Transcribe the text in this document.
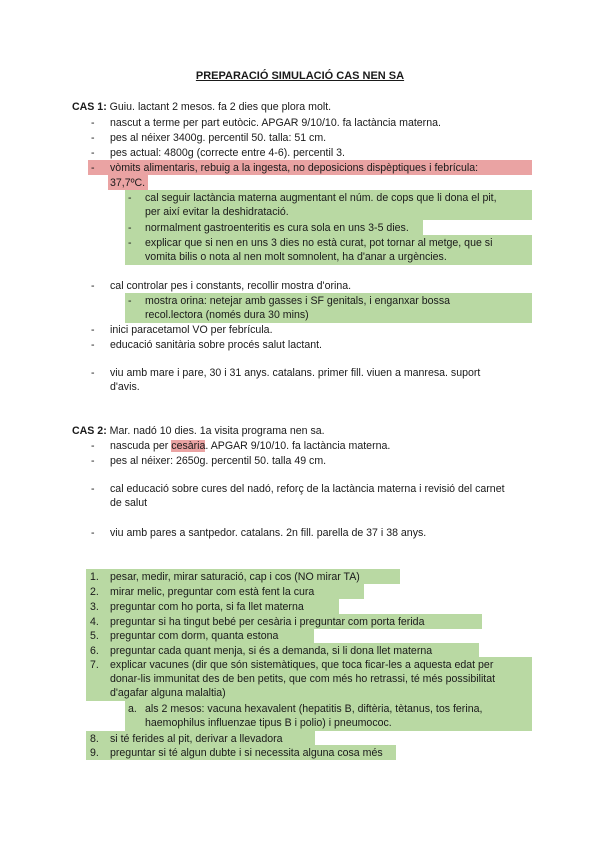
PREPARACIÓ SIMULACIÓ CAS NEN SA
CAS 1: Guiu. lactant 2 mesos. fa 2 dies que plora molt.
- nascut a terme per part eutòcic. APGAR 9/10/10. fa lactància materna.
- pes al néixer 3400g. percentil 50. talla: 51 cm.
- pes actual: 4800g (correcte entre 4-6). percentil 3.
- vòmits alimentaris, rebuig a la ingesta, no deposicions dispèptiques i febrícula:
37,7ºC.
- cal seguir lactància materna augmentant el núm. de cops que li dona el pit,
per així evitar la deshidratació.
- normalment gastroenteritis es cura sola en uns 3-5 dies.
- explicar que si nen en uns 3 dies no està curat, pot tornar al metge, que si
vomita bilis o nota al nen molt somnolent, ha d'anar a urgències.
- cal controlar pes i constants, recollir mostra d'orina.
- mostra orina: netejar amb gasses i SF genitals, i enganxar bossa
recol.lectora (només dura 30 mins)
- inici paracetamol VO per febrícula.
- educació sanitària sobre procés salut lactant.
- viu amb mare i pare, 30 i 31 anys. catalans. primer fill. viuen a manresa. suport
d'avis.
CAS 2: Mar. nadó 10 dies. 1a visita programa nen sa.
- nascuda per cesària. APGAR 9/10/10. fa lactància materna.
- pes al néixer: 2650g. percentil 50. talla 49 cm.
- cal educació sobre cures del nadó, reforç de la lactància materna i revisió del carnet
de salut
- viu amb pares a santpedor. catalans. 2n fill. parella de 37 i 38 anys.
1. pesar, medir, mirar saturació, cap i cos (NO mirar TA)
2. mirar melic, preguntar com està fent la cura
3. preguntar com ho porta, si fa llet materna
4. preguntar si ha tingut bebé per cesària i preguntar com porta ferida
5. preguntar com dorm, quanta estona
6. preguntar cada quant menja, si és a demanda, si li dona llet materna
7. explicar vacunes (dir que són sistemàtiques, que toca ficar-les a aquesta edat per
donar-lis immunitat des de ben petits, que com més ho retrassi, té més possibilitat
d'agafar alguna malaltia)
a. als 2 mesos: vacuna hexavalent (hepatitis B, diftèria, tètanus, tos ferina,
haemophilus influenzae tipus B i polio) i pneumococ.
8. si té ferides al pit, derivar a llevadora
9. preguntar si té algun dubte i si necessita alguna cosa més
